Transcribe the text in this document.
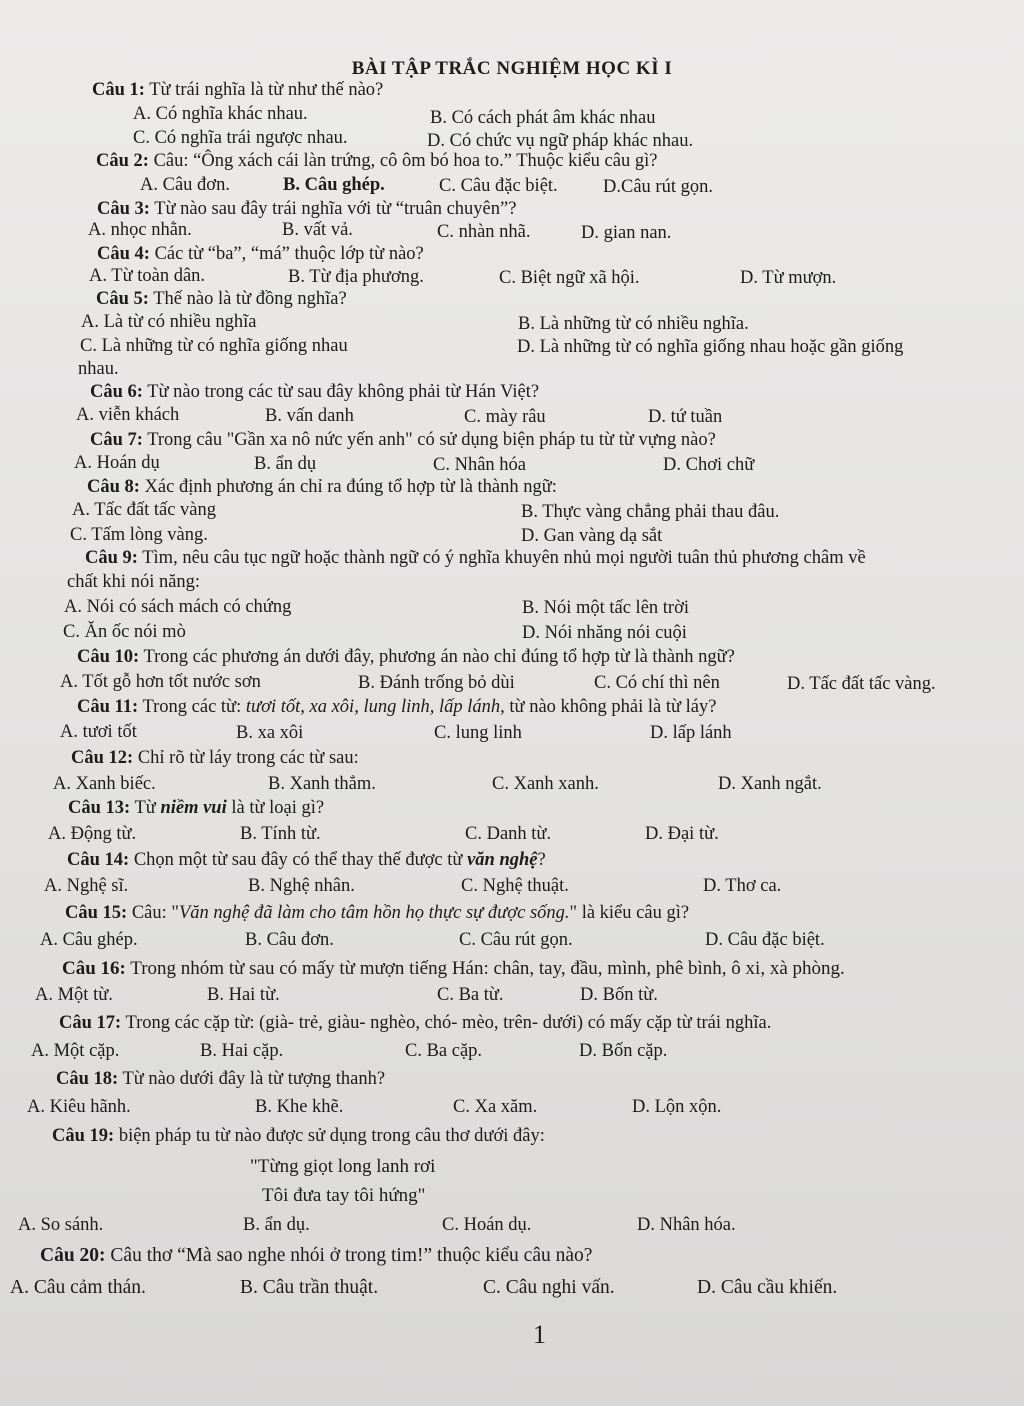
BÀI TẬP TRẮC NGHIỆM HỌC KÌ I
Câu 1: Từ trái nghĩa là từ như thế nào?
A. Có nghĩa khác nhau.	B. Có cách phát âm khác nhau
C. Có nghĩa trái ngược nhau.	D. Có chức vụ ngữ pháp khác nhau.
Câu 2: Câu: “Ông xách cái làn trứng, cô ôm bó hoa to.” Thuộc kiểu câu gì?
A. Câu đơn.	B. Câu ghép.	C. Câu đặc biệt. D.Câu rút gọn.
Câu 3: Từ nào sau đây trái nghĩa với từ “truân chuyên”?
A. nhọc nhằn.	B. vất vả.	C. nhàn nhã.	D. gian nan.
Câu 4: Các từ “ba”, “má” thuộc lớp từ nào?
A. Từ toàn dân.	B. Từ địa phương.	C. Biệt ngữ xã hội.	D. Từ mượn.
Câu 5: Thế nào là từ đồng nghĩa?
A. Là từ có nhiều nghĩa	B. Là những từ có nhiều nghĩa.
C. Là những từ có nghĩa giống nhau	D. Là những từ có nghĩa giống nhau hoặc gần giống
nhau.
Câu 6: Từ nào trong các từ sau đây không phải từ Hán Việt?
A. viễn khách	B. vấn danh	C. mày râu	D. tứ tuần
Câu 7: Trong câu "Gần xa nô nức yến anh" có sử dụng biện pháp tu từ từ vựng nào?
A. Hoán dụ	B. ẩn dụ	C. Nhân hóa	D. Chơi chữ
Câu 8: Xác định phương án chỉ ra đúng tổ hợp từ là thành ngữ:
A. Tấc đất tấc vàng	B. Thực vàng chẳng phải thau đâu.
C. Tấm lòng vàng.	D. Gan vàng dạ sắt
Câu 9: Tìm, nêu câu tục ngữ hoặc thành ngữ có ý nghĩa khuyên nhủ mọi người tuân thủ phương châm về
chất khi nói năng:
A. Nói có sách mách có chứng	B. Nói một tấc lên trời
C. Ăn ốc nói mò	D. Nói nhăng nói cuội
Câu 10: Trong các phương án dưới đây, phương án nào chỉ đúng tổ hợp từ là thành ngữ?
A. Tốt gỗ hơn tốt nước sơn	B. Đánh trống bỏ dùi	C. Có chí thì nên	D. Tấc đất tấc vàng.
Câu 11: Trong các từ: tươi tốt, xa xôi, lung linh, lấp lánh, từ nào không phải là từ láy?
A. tươi tốt	B. xa xôi	C. lung linh	D. lấp lánh
Câu 12: Chỉ rõ từ láy trong các từ sau:
A. Xanh biếc.	B. Xanh thẳm.	C. Xanh xanh.	D. Xanh ngắt.
Câu 13: Từ niềm vui là từ loại gì?
A. Động từ.	B. Tính từ.	C. Danh từ.	D. Đại từ.
Câu 14: Chọn một từ sau đây có thể thay thế được từ văn nghệ?
A. Nghệ sĩ.	B. Nghệ nhân.	C. Nghệ thuật.	D. Thơ ca.
Câu 15: Câu: "Văn nghệ đã làm cho tâm hồn họ thực sự được sống." là kiểu câu gì?
A. Câu ghép.	B. Câu đơn.	C. Câu rút gọn.	D. Câu đặc biệt.
Câu 16: Trong nhóm từ sau có mấy từ mượn tiếng Hán: chân, tay, đầu, mình, phê bình, ô xi, xà phòng.
A. Một từ.	B. Hai từ.	C. Ba từ.	D. Bốn từ.
Câu 17: Trong các cặp từ: (già- trẻ, giàu- nghèo, chó- mèo, trên- dưới) có mấy cặp từ trái nghĩa.
A. Một cặp.	B. Hai cặp.	C. Ba cặp.	D. Bốn cặp.
Câu 18: Từ nào dưới đây là từ tượng thanh?
A. Kiêu hãnh.	B. Khe khẽ.	C. Xa xăm.	D. Lộn xộn.
Câu 19: biện pháp tu từ nào được sử dụng trong câu thơ dưới đây:
"Từng giọt long lanh rơi
Tôi đưa tay tôi hứng"
A. So sánh.	B. ẩn dụ.	C. Hoán dụ.	D. Nhân hóa.
Câu 20: Câu thơ “Mà sao nghe nhói ở trong tim!” thuộc kiểu câu nào?
A. Câu cảm thán.	B. Câu trần thuật.	C. Câu nghi vấn.	D. Câu cầu khiến.
1
